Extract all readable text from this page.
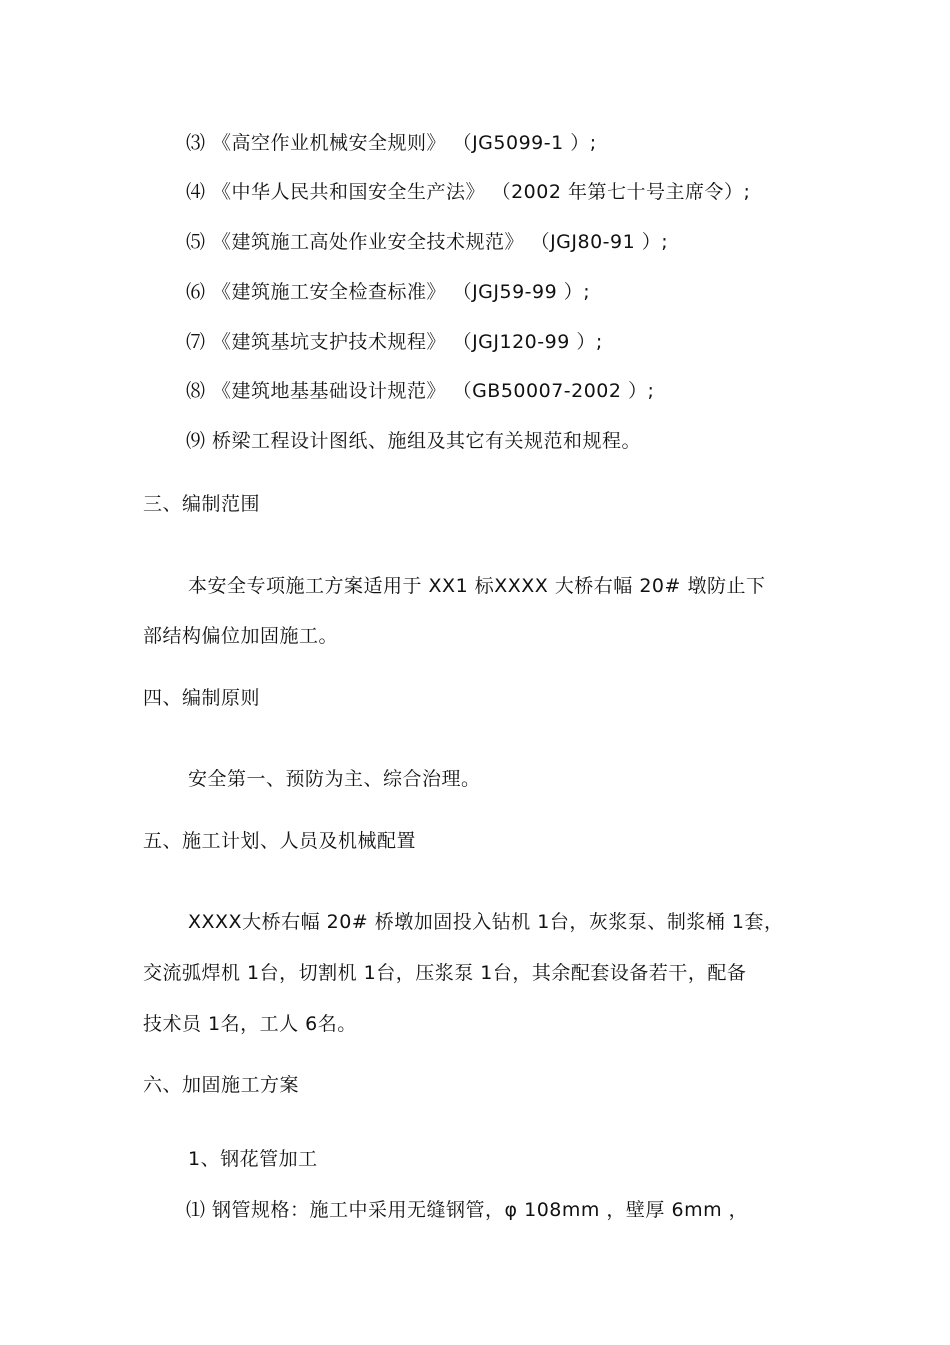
⑶ 《高空作业机械安全规则》 （JG5099-1 ）;
⑷ 《中华人民共和国安全生产法》 （2002 年第七十号主席令）;
⑸ 《建筑施工高处作业安全技术规范》 （JGJ80-91 ）;
⑹ 《建筑施工安全检查标准》 （JGJ59-99 ）;
⑺ 《建筑基坑支护技术规程》 （JGJ120-99 ）;
⑻ 《建筑地基基础设计规范》 （GB50007-2002 ）;
⑼ 桥梁工程设计图纸、施组及其它有关规范和规程。
三、编制范围
本安全专项施工方案适用于 XX1 标XXXX 大桥右幅 20# 墩防止下
部结构偏位加固施工。
四、编制原则
安全第一、预防为主、综合治理。
五、施工计划、人员及机械配置
XXXX大桥右幅 20# 桥墩加固投入钻机 1台，灰浆泵、制浆桶 1套，
交流弧焊机 1台，切割机 1台，压浆泵 1台，其余配套设备若干，配备
技术员 1名，工人 6名。
六、加固施工方案
1、钢花管加工
⑴ 钢管规格：施工中采用无缝钢管，φ 108mm ，壁厚 6mm ，
